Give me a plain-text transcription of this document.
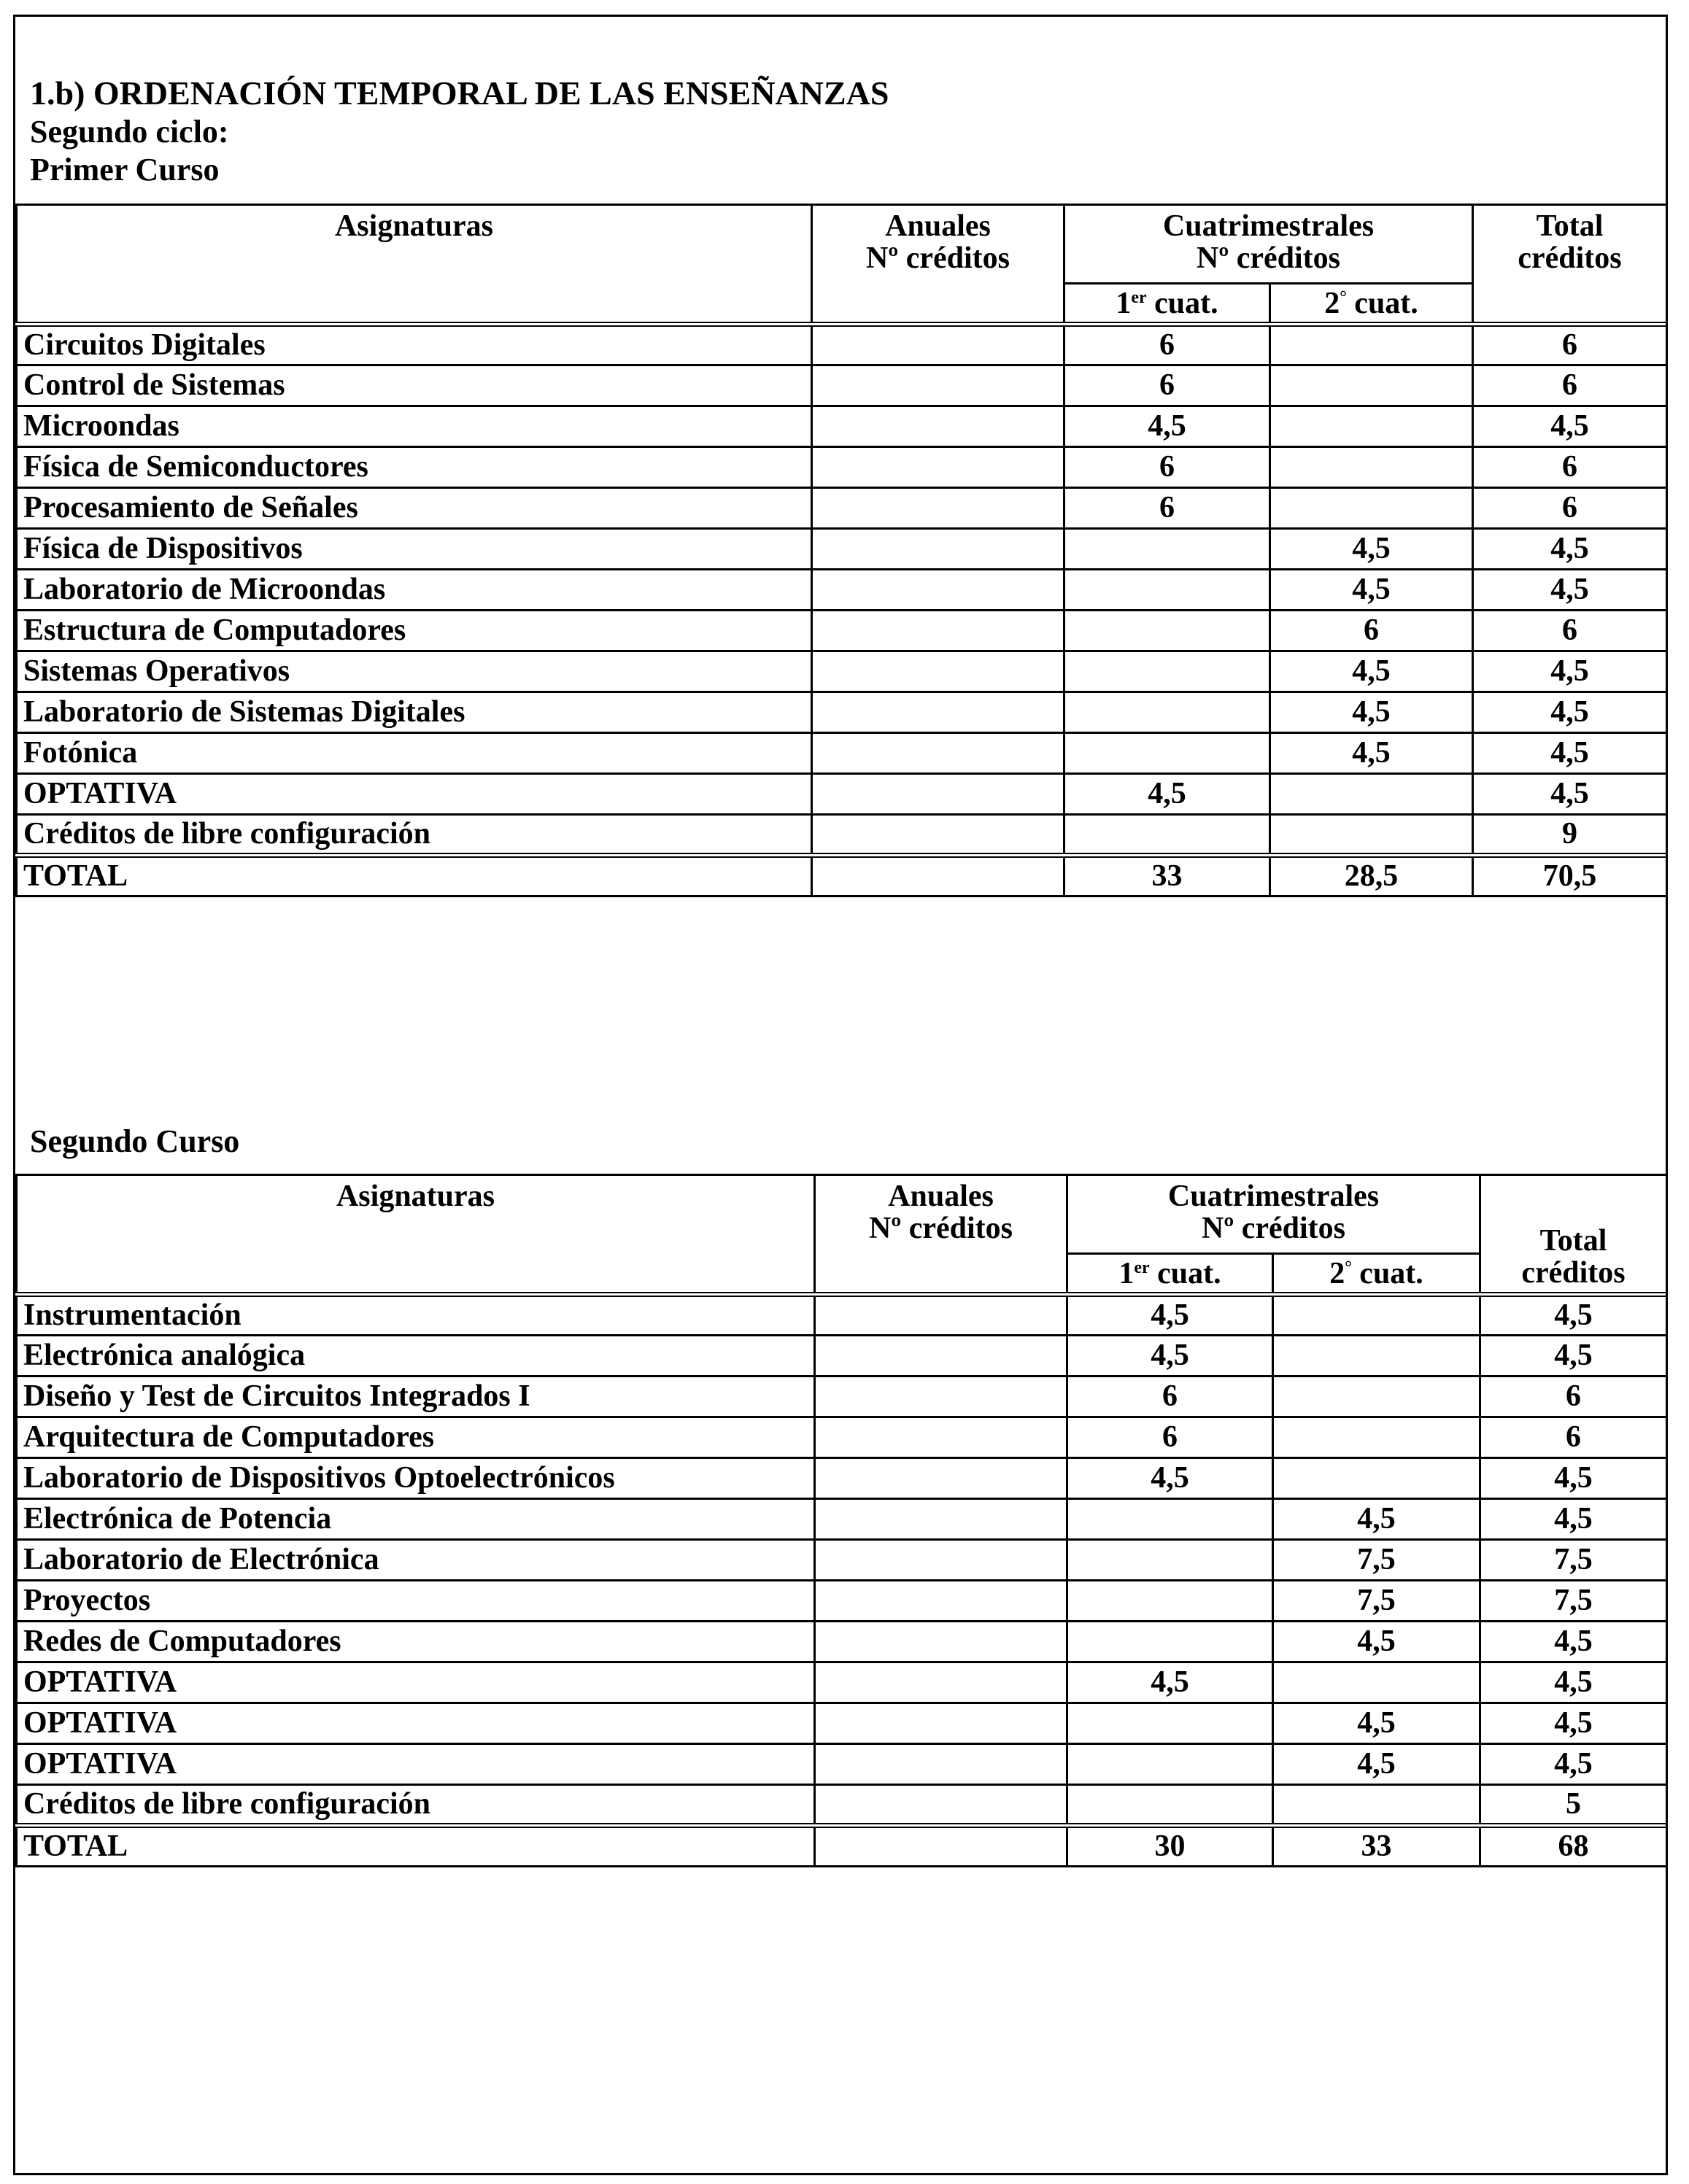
1.b) ORDENACIÓN TEMPORAL DE LAS ENSEÑANZAS
Segundo ciclo:
Primer Curso
Asignaturas	Anuales
Nº créditos	Cuatrimestrales
Nº créditos		Total
créditos
		1er cuat.	2° cuat.	
Circuitos Digitales		6		6
Control de Sistemas		6		6
Microondas		4,5		4,5
Física de Semiconductores		6		6
Procesamiento de Señales		6		6
Física de Dispositivos			4,5	4,5
Laboratorio de Microondas			4,5	4,5
Estructura de Computadores			6	6
Sistemas Operativos			4,5	4,5
Laboratorio de Sistemas Digitales			4,5	4,5
Fotónica			4,5	4,5
OPTATIVA		4,5		4,5
Créditos de libre configuración				9
TOTAL		33	28,5	70,5
Segundo Curso
Asignaturas	Anuales
Nº créditos	Cuatrimestrales
Nº créditos		Total
créditos
		1er cuat.	2° cuat.	
Instrumentación		4,5		4,5
Electrónica analógica		4,5		4,5
Diseño y Test de Circuitos Integrados I		6		6
Arquitectura de Computadores		6		6
Laboratorio de Dispositivos Optoelectrónicos		4,5		4,5
Electrónica de Potencia			4,5	4,5
Laboratorio de Electrónica			7,5	7,5
Proyectos			7,5	7,5
Redes de Computadores			4,5	4,5
OPTATIVA		4,5		4,5
OPTATIVA			4,5	4,5
OPTATIVA			4,5	4,5
Créditos de libre configuración				5
TOTAL		30	33	68
